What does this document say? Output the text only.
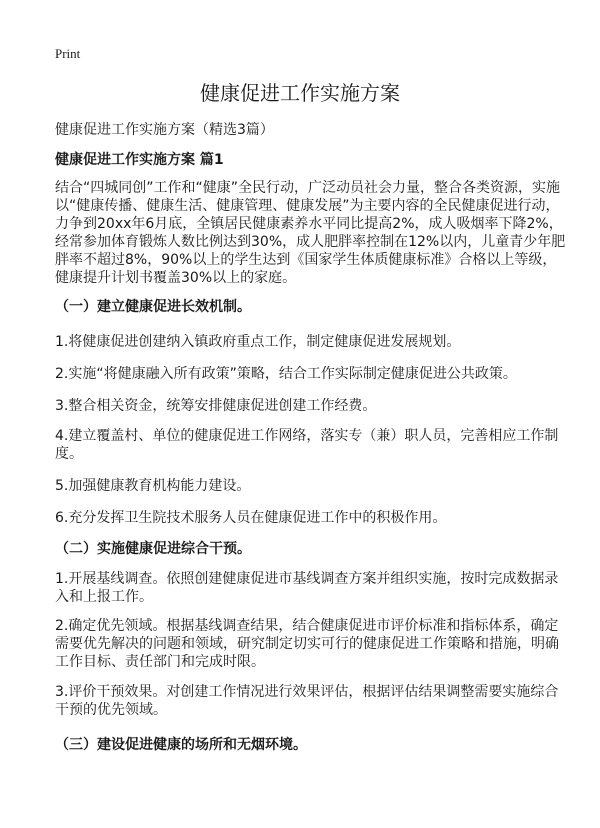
Print
健康促进工作实施方案
健康促进工作实施方案（精选3篇）
健康促进工作实施方案 篇1
结合“四城同创”工作和“健康”全民行动，广泛动员社会力量，整合各类资源，实施
以“健康传播、健康生活、健康管理、健康发展”为主要内容的全民健康促进行动，
力争到20xx年6月底，全镇居民健康素养水平同比提高2%，成人吸烟率下降2%，
经常参加体育锻炼人数比例达到30%，成人肥胖率控制在12%以内，儿童青少年肥
胖率不超过8%，90%以上的学生达到《国家学生体质健康标准》合格以上等级，
健康提升计划书覆盖30%以上的家庭。
（一）建立健康促进长效机制。
1.将健康促进创建纳入镇政府重点工作，制定健康促进发展规划。
2.实施“将健康融入所有政策”策略，结合工作实际制定健康促进公共政策。
3.整合相关资金，统筹安排健康促进创建工作经费。
4.建立覆盖村、单位的健康促进工作网络，落实专（兼）职人员，完善相应工作制
度。
5.加强健康教育机构能力建设。
6.充分发挥卫生院技术服务人员在健康促进工作中的积极作用。
（二）实施健康促进综合干预。
1.开展基线调查。依照创建健康促进市基线调查方案并组织实施，按时完成数据录
入和上报工作。
2.确定优先领域。根据基线调查结果，结合健康促进市评价标准和指标体系，确定
需要优先解决的问题和领域，研究制定切实可行的健康促进工作策略和措施，明确
工作目标、责任部门和完成时限。
3.评价干预效果。对创建工作情况进行效果评估，根据评估结果调整需要实施综合
干预的优先领域。
（三）建设促进健康的场所和无烟环境。
